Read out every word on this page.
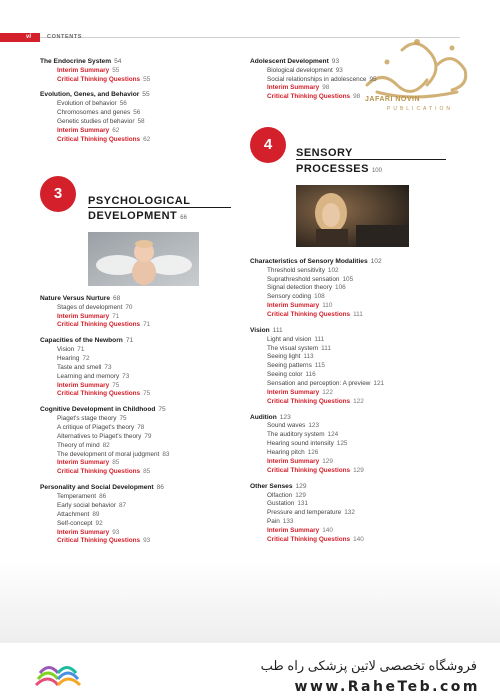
vi	CONTENTS
JAFARI NOVIN
PUBLICATION
The Endocrine System 54
Interim Summary 55
Critical Thinking Questions 55
Evolution, Genes, and Behavior 55
Evolution of behavior 56
Chromosomes and genes 56
Genetic studies of behavior 58
Interim Summary 62
Critical Thinking Questions 62
3	PSYCHOLOGICAL
DEVELOPMENT 66
Nature Versus Nurture 68
Stages of development 70
Interim Summary 71
Critical Thinking Questions 71
Capacities of the Newborn 71
Vision 71
Hearing 72
Taste and smell 73
Learning and memory 73
Interim Summary 75
Critical Thinking Questions 75
Cognitive Development in Childhood 75
Piaget's stage theory 75
A critique of Piaget's theory 78
Alternatives to Piaget's theory 79
Theory of mind 82
The development of moral judgment 83
Interim Summary 85
Critical Thinking Questions 85
Personality and Social Development 86
Temperament 86
Early social behavior 87
Attachment 89
Self-concept 92
Interim Summary 93
Critical Thinking Questions 93
Adolescent Development 93
Biological development 93
Social relationships in adolescence 95
Interim Summary 98
Critical Thinking Questions 98
4	SENSORY
PROCESSES 100
Characteristics of Sensory Modalities 102
Threshold sensitivity 102
Suprathreshold sensation 105
Signal detection theory 106
Sensory coding 108
Interim Summary 110
Critical Thinking Questions 111
Vision 111
Light and vision 111
The visual system 111
Seeing light 113
Seeing patterns 115
Seeing color 116
Sensation and perception: A preview 121
Interim Summary 122
Critical Thinking Questions 122
Audition 123
Sound waves 123
The auditory system 124
Hearing sound intensity 125
Hearing pitch 126
Interim Summary 129
Critical Thinking Questions 129
Other Senses 129
Olfaction 129
Gustation 131
Pressure and temperature 132
Pain 133
Interim Summary 140
Critical Thinking Questions 140
فروشگاه تخصصی لاتین پزشکی راه طب
www.RaheTeb.com
